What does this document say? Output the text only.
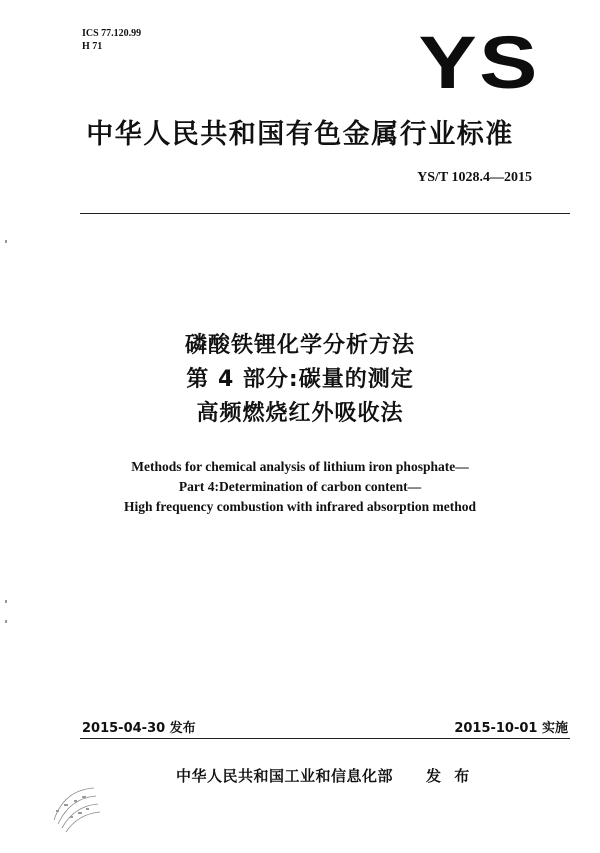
ICS 77.120.99
H 71	YS
中华人民共和国有色金属行业标准
YS/T 1028.4—2015
磷酸铁锂化学分析方法
第 4 部分:碳量的测定
高频燃烧红外吸收法
Methods for chemical analysis of lithium iron phosphate—
Part 4:Determination of carbon content—
High frequency combustion with infrared absorption method
2015-04-30 发布	2015-10-01 实施
中华人民共和国工业和信息化部 发 布
